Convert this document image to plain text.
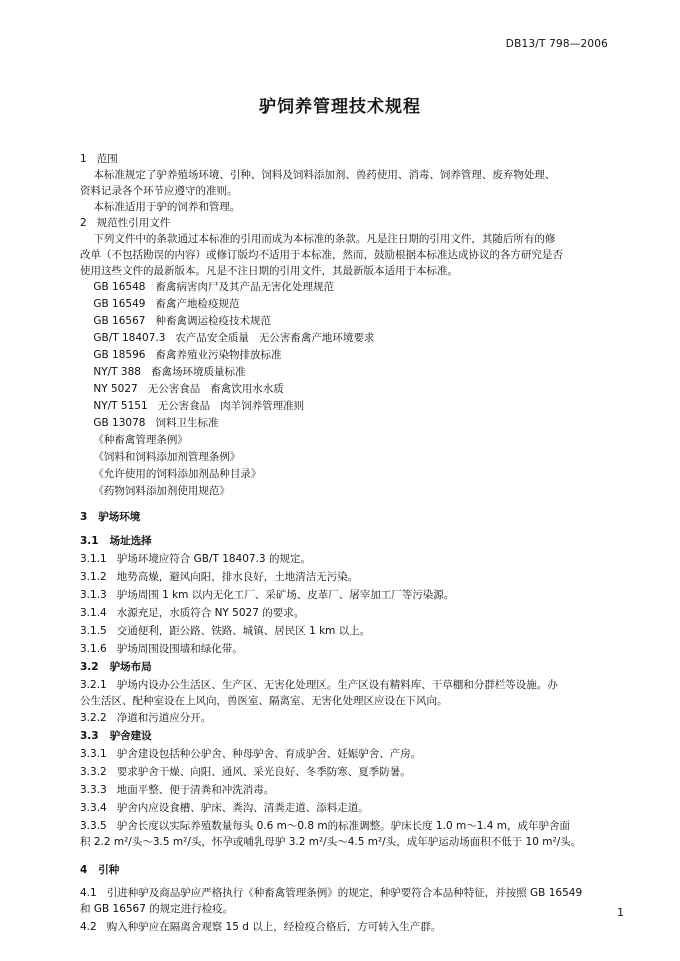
DB13/T 798—2006
驴饲养管理技术规程
1   范围
本标准规定了驴养殖场环境、引种、饲料及饲料添加剂、兽药使用、消毒、饲养管理、废弃物处理、
资料记录各个环节应遵守的准则。
本标准适用于驴的饲养和管理。
2   规范性引用文件
下列文件中的条款通过本标准的引用而成为本标准的条款。凡是注日期的引用文件，其随后所有的修
改单（不包括勘误的内容）或修订版均不适用于本标准，然而，鼓励根据本标准达成协议的各方研究是否
使用这些文件的最新版本。凡是不注日期的引用文件，其最新版本适用于本标准。
GB 16548   畜禽病害肉尸及其产品无害化处理规范
GB 16549   畜禽产地检疫规范
GB 16567   种畜禽调运检疫技术规范
GB/T 18407.3   农产品安全质量   无公害畜禽产地环境要求
GB 18596   畜禽养殖业污染物排放标准
NY/T 388   畜禽场环境质量标准
NY 5027   无公害食品   畜禽饮用水水质
NY/T 5151   无公害食品   肉羊饲养管理准则
GB 13078   饲料卫生标准
《种畜禽管理条例》
《饲料和饲料添加剂管理条例》
《允许使用的饲料添加剂品种目录》
《药物饲料添加剂使用规范》
3   驴场环境
3.1   场址选择
3.1.1   驴场环境应符合 GB/T 18407.3 的规定。
3.1.2   地势高燥，避风向阳，排水良好，土地清洁无污染。
3.1.3   驴场周围 1 km 以内无化工厂、采矿场、皮革厂、屠宰加工厂等污染源。
3.1.4   水源充足，水质符合 NY 5027 的要求。
3.1.5   交通便利，距公路、铁路、城镇、居民区 1 km 以上。
3.1.6   驴场周围设围墙和绿化带。
3.2   驴场布局
3.2.1   驴场内设办公生活区、生产区、无害化处理区。生产区设有精料库、干草棚和分群栏等设施。办
公生活区、配种室设在上风向，兽医室、隔离室、无害化处理区应设在下风向。
3.2.2   净道和污道应分开。
3.3   驴舍建设
3.3.1   驴舍建设包括种公驴舍、种母驴舍、育成驴舍、妊娠驴舍、产房。
3.3.2   要求驴舍干燥、向阳、通风、采光良好、冬季防寒、夏季防暑。
3.3.3   地面平整、便于清粪和冲洗消毒。
3.3.4   驴舍内应设食槽、驴床、粪沟、清粪走道、添料走道。
3.3.5   驴舍长度以实际养殖数量每头 0.6 m～0.8 m的标准调整。驴床长度 1.0 m～1.4 m，成年驴舍面
积 2.2 m²/头～3.5 m²/头，怀孕或哺乳母驴 3.2 m²/头～4.5 m²/头，成年驴运动场面积不低于 10 m²/头。
4   引种
4.1   引进种驴及商品驴应严格执行《种畜禽管理条例》的规定，种驴要符合本品种特征，并按照 GB 16549
和 GB 16567 的规定进行检疫。
4.2   购入种驴应在隔离舍观察 15 d 以上，经检疫合格后，方可转入生产群。
1
